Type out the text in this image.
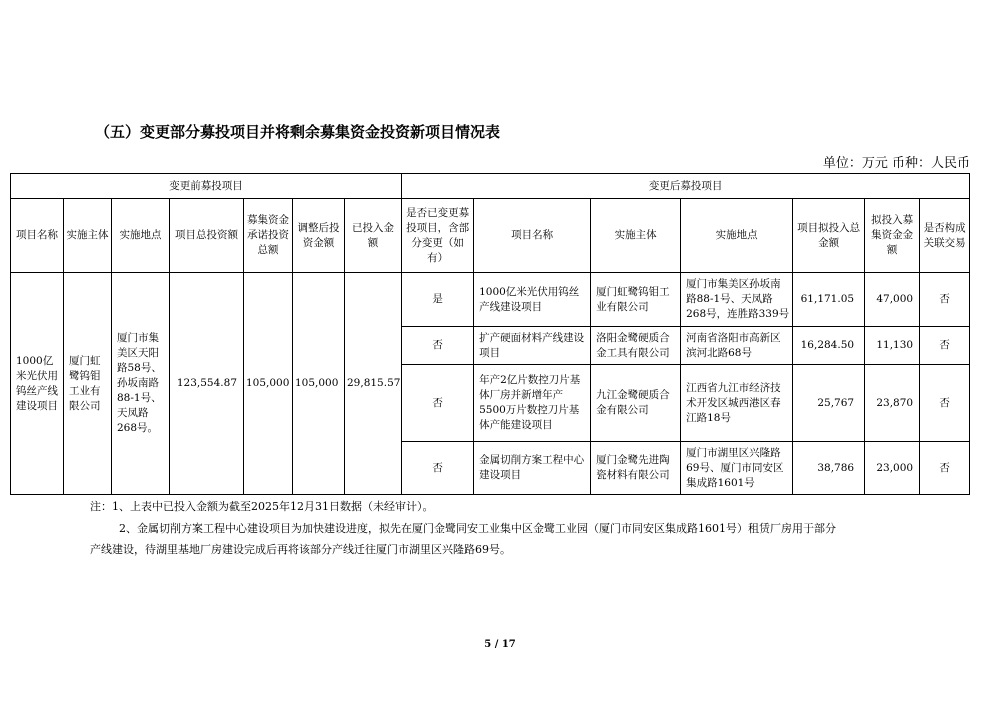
（五）变更部分募投项目并将剩余募集资金投资新项目情况表
单位：万元 币种：人民币
变更前募投项目							变更后募投项目						
项目名称	实施主体	实施地点	项目总投资额	募集资金承诺投资总额	调整后投资金额	已投入金额	是否已变更募投项目，含部分变更（如有）	项目名称	实施主体	实施地点	项目拟投入总金额	拟投入募集资金金额	是否构成关联交易
1000亿米光伏用钨丝产线建设项目	厦门虹鹭钨钼工业有限公司	厦门市集美区天阳路58号、孙坂南路88-1号、天凤路268号。	123,554.87	105,000	105,000	29,815.57	是	1000亿米光伏用钨丝产线建设项目	厦门虹鹭钨钼工业有限公司	厦门市集美区孙坂南路88-1号、天凤路268号，连胜路339号	61,171.05	47,000	否
							否	扩产硬面材料产线建设项目	洛阳金鹭硬质合金工具有限公司	河南省洛阳市高新区滨河北路68号	16,284.50	11,130	否
							否	年产2亿片数控刀片基体厂房并新增年产5500万片数控刀片基体产能建设项目	九江金鹭硬质合金有限公司	江西省九江市经济技术开发区城西港区春江路18号	25,767	23,870	否
							否	金属切削方案工程中心建设项目	厦门金鹭先进陶瓷材料有限公司	厦门市湖里区兴隆路69号、厦门市同安区集成路1601号	38,786	23,000	否
注：1、上表中已投入金额为截至2025年12月31日数据（未经审计）。
2、金属切削方案工程中心建设项目为加快建设进度，拟先在厦门金鹭同安工业集中区金鹭工业园（厦门市同安区集成路1601号）租赁厂房用于部分
产线建设，待湖里基地厂房建设完成后再将该部分产线迁往厦门市湖里区兴隆路69号。
5 / 17
